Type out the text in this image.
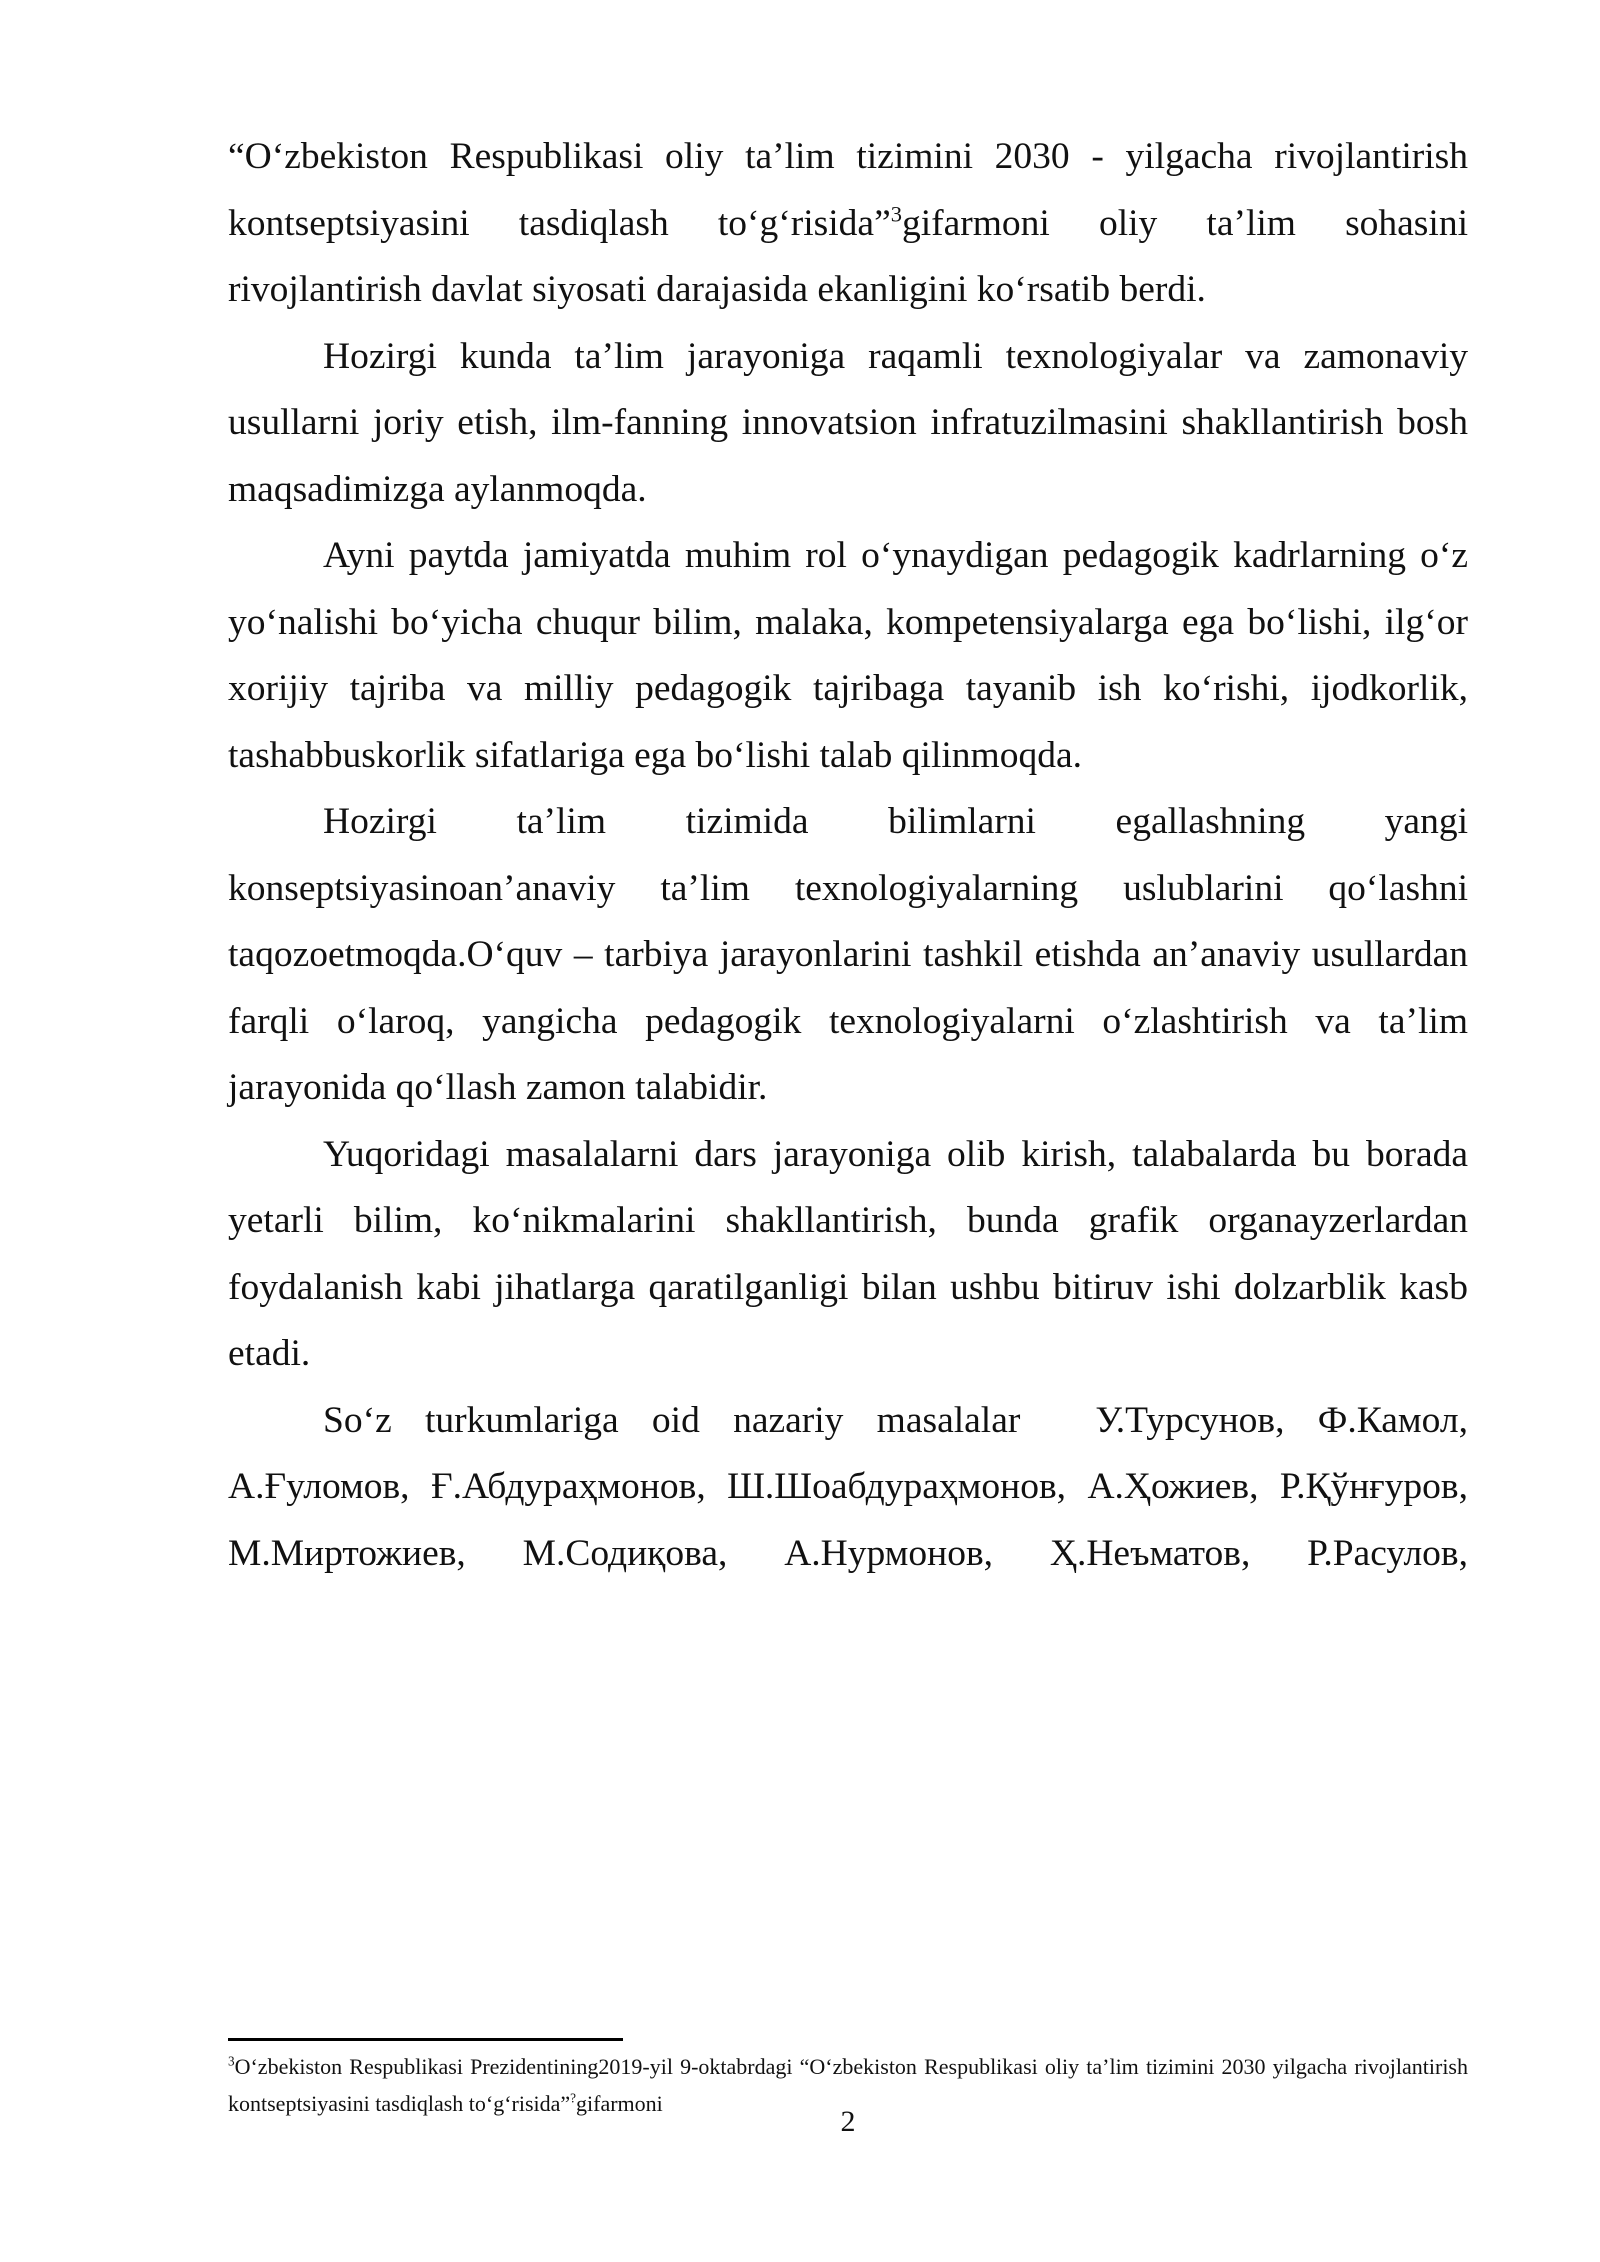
“O‘zbekiston Respublikasi oliy ta’lim tizimini 2030 - yilgacha rivojlantirish
kontseptsiyasini tasdiqlash to‘g‘risida”$^3$gifarmoni oliy ta’lim sohasini
rivojlantirish davlat siyosati darajasida ekanligini ko‘rsatib berdi.
Hozirgi kunda ta’lim jarayoniga raqamli texnologiyalar va zamonaviy
usullarni joriy etish, ilm-fanning innovatsion infratuzilmasini shakllantirish bosh
maqsadimizga aylanmoqda.
Ayni paytda jamiyatda muhim rol o‘ynaydigan pedagogik kadrlarning o‘z
yo‘nalishi bo‘yicha chuqur bilim, malaka, kompetensiyalarga ega bo‘lishi, ilg‘or
xorijiy tajriba va milliy pedagogik tajribaga tayanib ish ko‘rishi, ijodkorlik,
tashabbuskorlik sifatlariga ega bo‘lishi talab qilinmoqda.
Hozirgi ta’lim tizimida bilimlarni egallashning yangi
konseptsiyasinoan’anaviy ta’lim texnologiyalarning uslublarini qo‘lashni
taqozoetmoqda.O‘quv – tarbiya jarayonlarini tashkil etishda an’anaviy usullardan
farqli o‘laroq, yangicha pedagogik texnologiyalarni o‘zlashtirish va ta’lim
jarayonida qo‘llash zamon talabidir.
Yuqoridagi masalalarni dars jarayoniga olib kirish, talabalarda bu borada
yetarli bilim, ko‘nikmalarini shakllantirish, bunda grafik organayzerlardan
foydalanish kabi jihatlarga qaratilganligi bilan ushbu bitiruv ishi dolzarblik kasb
etadi.
So‘z turkumlariga oid nazariy masalalar У.Турсунов, Ф.Камол,
А.Ғуломов, Ғ.Абдураҳмонов, Ш.Шоабдураҳмонов, А.Ҳожиев, Р.Қўнғуров,
М.Миртожиев, М.Содиқова, А.Нурмонов, Ҳ.Неъматов, Р.Расулов,
$^3$O‘zbekiston Respublikasi Prezidentining2019-yil 9-oktabrdagi “O‘zbekiston Respublikasi oliy ta’lim tizimini 2030 yilgacha rivojlantirish
kontseptsiyasini tasdiqlash to‘g‘risida”?gifarmoni
2
